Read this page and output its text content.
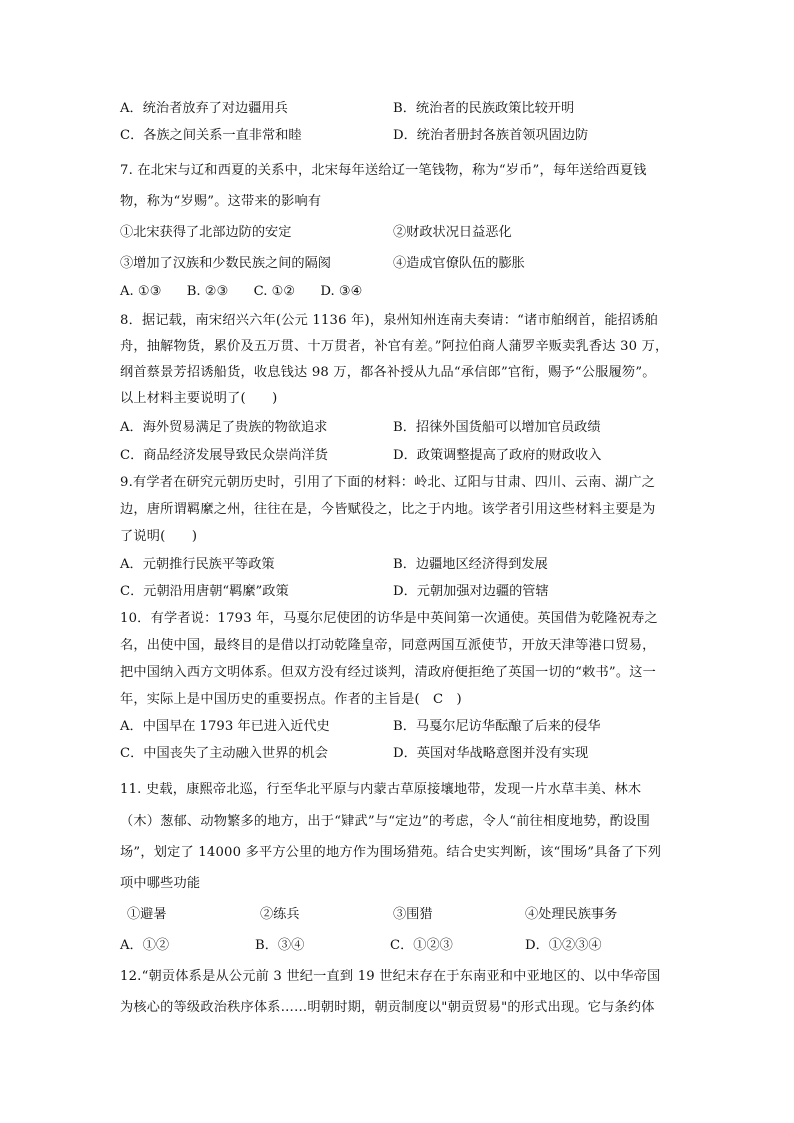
A．统治者放弃了对边疆用兵	B．统治者的民族政策比较开明
C．各族之间关系一直非常和睦	D．统治者册封各族首领巩固边防
7. 在北宋与辽和西夏的关系中，北宋每年送给辽一笔钱物，称为“岁币”，每年送给西夏钱
物，称为“岁赐”。这带来的影响有
①北宋获得了北部边防的安定	②财政状况日益恶化
③增加了汉族和少数民族之间的隔阂	④造成官僚队伍的膨胀
A. ①③      B. ②③      C. ①②      D. ③④
8．据记载，南宋绍兴六年(公元 1136 年)，泉州知州连南夫奏请：“诸市舶纲首，能招诱舶
舟，抽解物货，累价及五万贯、十万贯者，补官有差。”阿拉伯商人蒲罗辛贩卖乳香达 30 万，
纲首蔡景芳招诱船货，收息钱达 98 万，都各补授从九品“承信郎”官衔，赐予“公服履笏”。
以上材料主要说明了(      )
A．海外贸易满足了贵族的物欲追求	B．招徕外国货船可以增加官员政绩
C．商品经济发展导致民众崇尚洋货	D．政策调整提高了政府的财政收入
9.有学者在研究元朝历史时，引用了下面的材料：岭北、辽阳与甘肃、四川、云南、湖广之
边，唐所谓羁縻之州，往往在是，今皆赋役之，比之于内地。该学者引用这些材料主要是为
了说明(      )
A．元朝推行民族平等政策	B．边疆地区经济得到发展
C．元朝沿用唐朝“羁縻”政策	D．元朝加强对边疆的管辖
10．有学者说：1793 年，马戛尔尼使团的访华是中英间第一次通使。英国借为乾隆祝寿之
名，出使中国，最终目的是借以打动乾隆皇帝，同意两国互派使节，开放天津等港口贸易，
把中国纳入西方文明体系。但双方没有经过谈判，清政府便拒绝了英国一切的“敕书”。这一
年，实际上是中国历史的重要拐点。作者的主旨是(   C   )
A．中国早在 1793 年已进入近代史	B．马戛尔尼访华酝酿了后来的侵华
C．中国丧失了主动融入世界的机会	D．英国对华战略意图并没有实现
11. 史载，康熙帝北巡，行至华北平原与内蒙古草原接壤地带，发现一片水草丰美、林木
（木）葱郁、动物繁多的地方，出于“肄武”与“定边”的考虑，令人“前往相度地势，酌设围
场”，划定了 14000 多平方公里的地方作为围场猎苑。结合史实判断，该“围场”具备了下列
项中哪些功能
①避暑	②练兵	③围猎	④处理民族事务
A．①②	B．③④	C．①②③	D．①②③④
12.“朝贡体系是从公元前 3 世纪一直到 19 世纪末存在于东南亚和中亚地区的、以中华帝国
为核心的等级政治秩序体系……明朝时期，朝贡制度以"朝贡贸易"的形式出现。它与条约体
